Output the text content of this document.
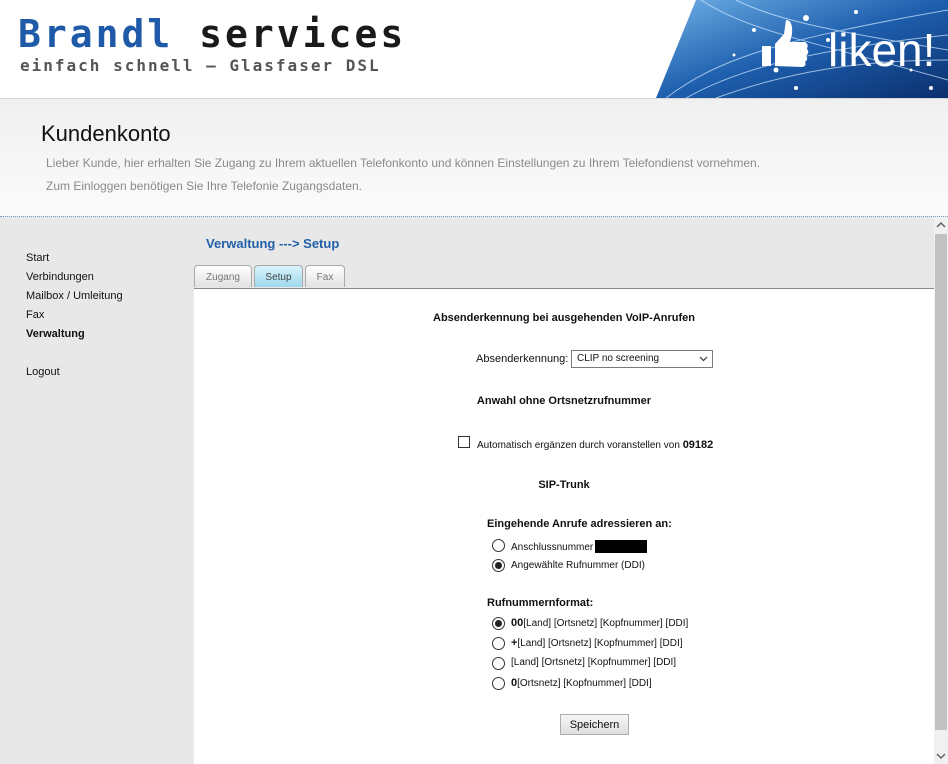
Brandl services
einfach schnell – Glasfaser DSL	liken!
Kundenkonto
Lieber Kunde, hier erhalten Sie Zugang zu Ihrem aktuellen Telefonkonto und können Einstellungen zu Ihrem Telefondienst vornehmen.
Zum Einloggen benötigen Sie Ihre Telefonie Zugangsdaten.
Start
Verbindungen
Mailbox / Umleitung
Fax
Verwaltung
Logout
Verwaltung ---> Setup
Zugang	Setup	Fax
Absenderkennung bei ausgehenden VoIP-Anrufen
Absenderkennung: CLIP no screening
Anwahl ohne Ortsnetzrufnummer
Automatisch ergänzen durch voranstellen von 09182
SIP-Trunk
Eingehende Anrufe adressieren an:
Anschlussnummer
Angewählte Rufnummer (DDI)
Rufnummernformat:
00[Land] [Ortsnetz] [Kopfnummer] [DDI]
+[Land] [Ortsnetz] [Kopfnummer] [DDI]
[Land] [Ortsnetz] [Kopfnummer] [DDI]
0[Ortsnetz] [Kopfnummer] [DDI]
Speichern
